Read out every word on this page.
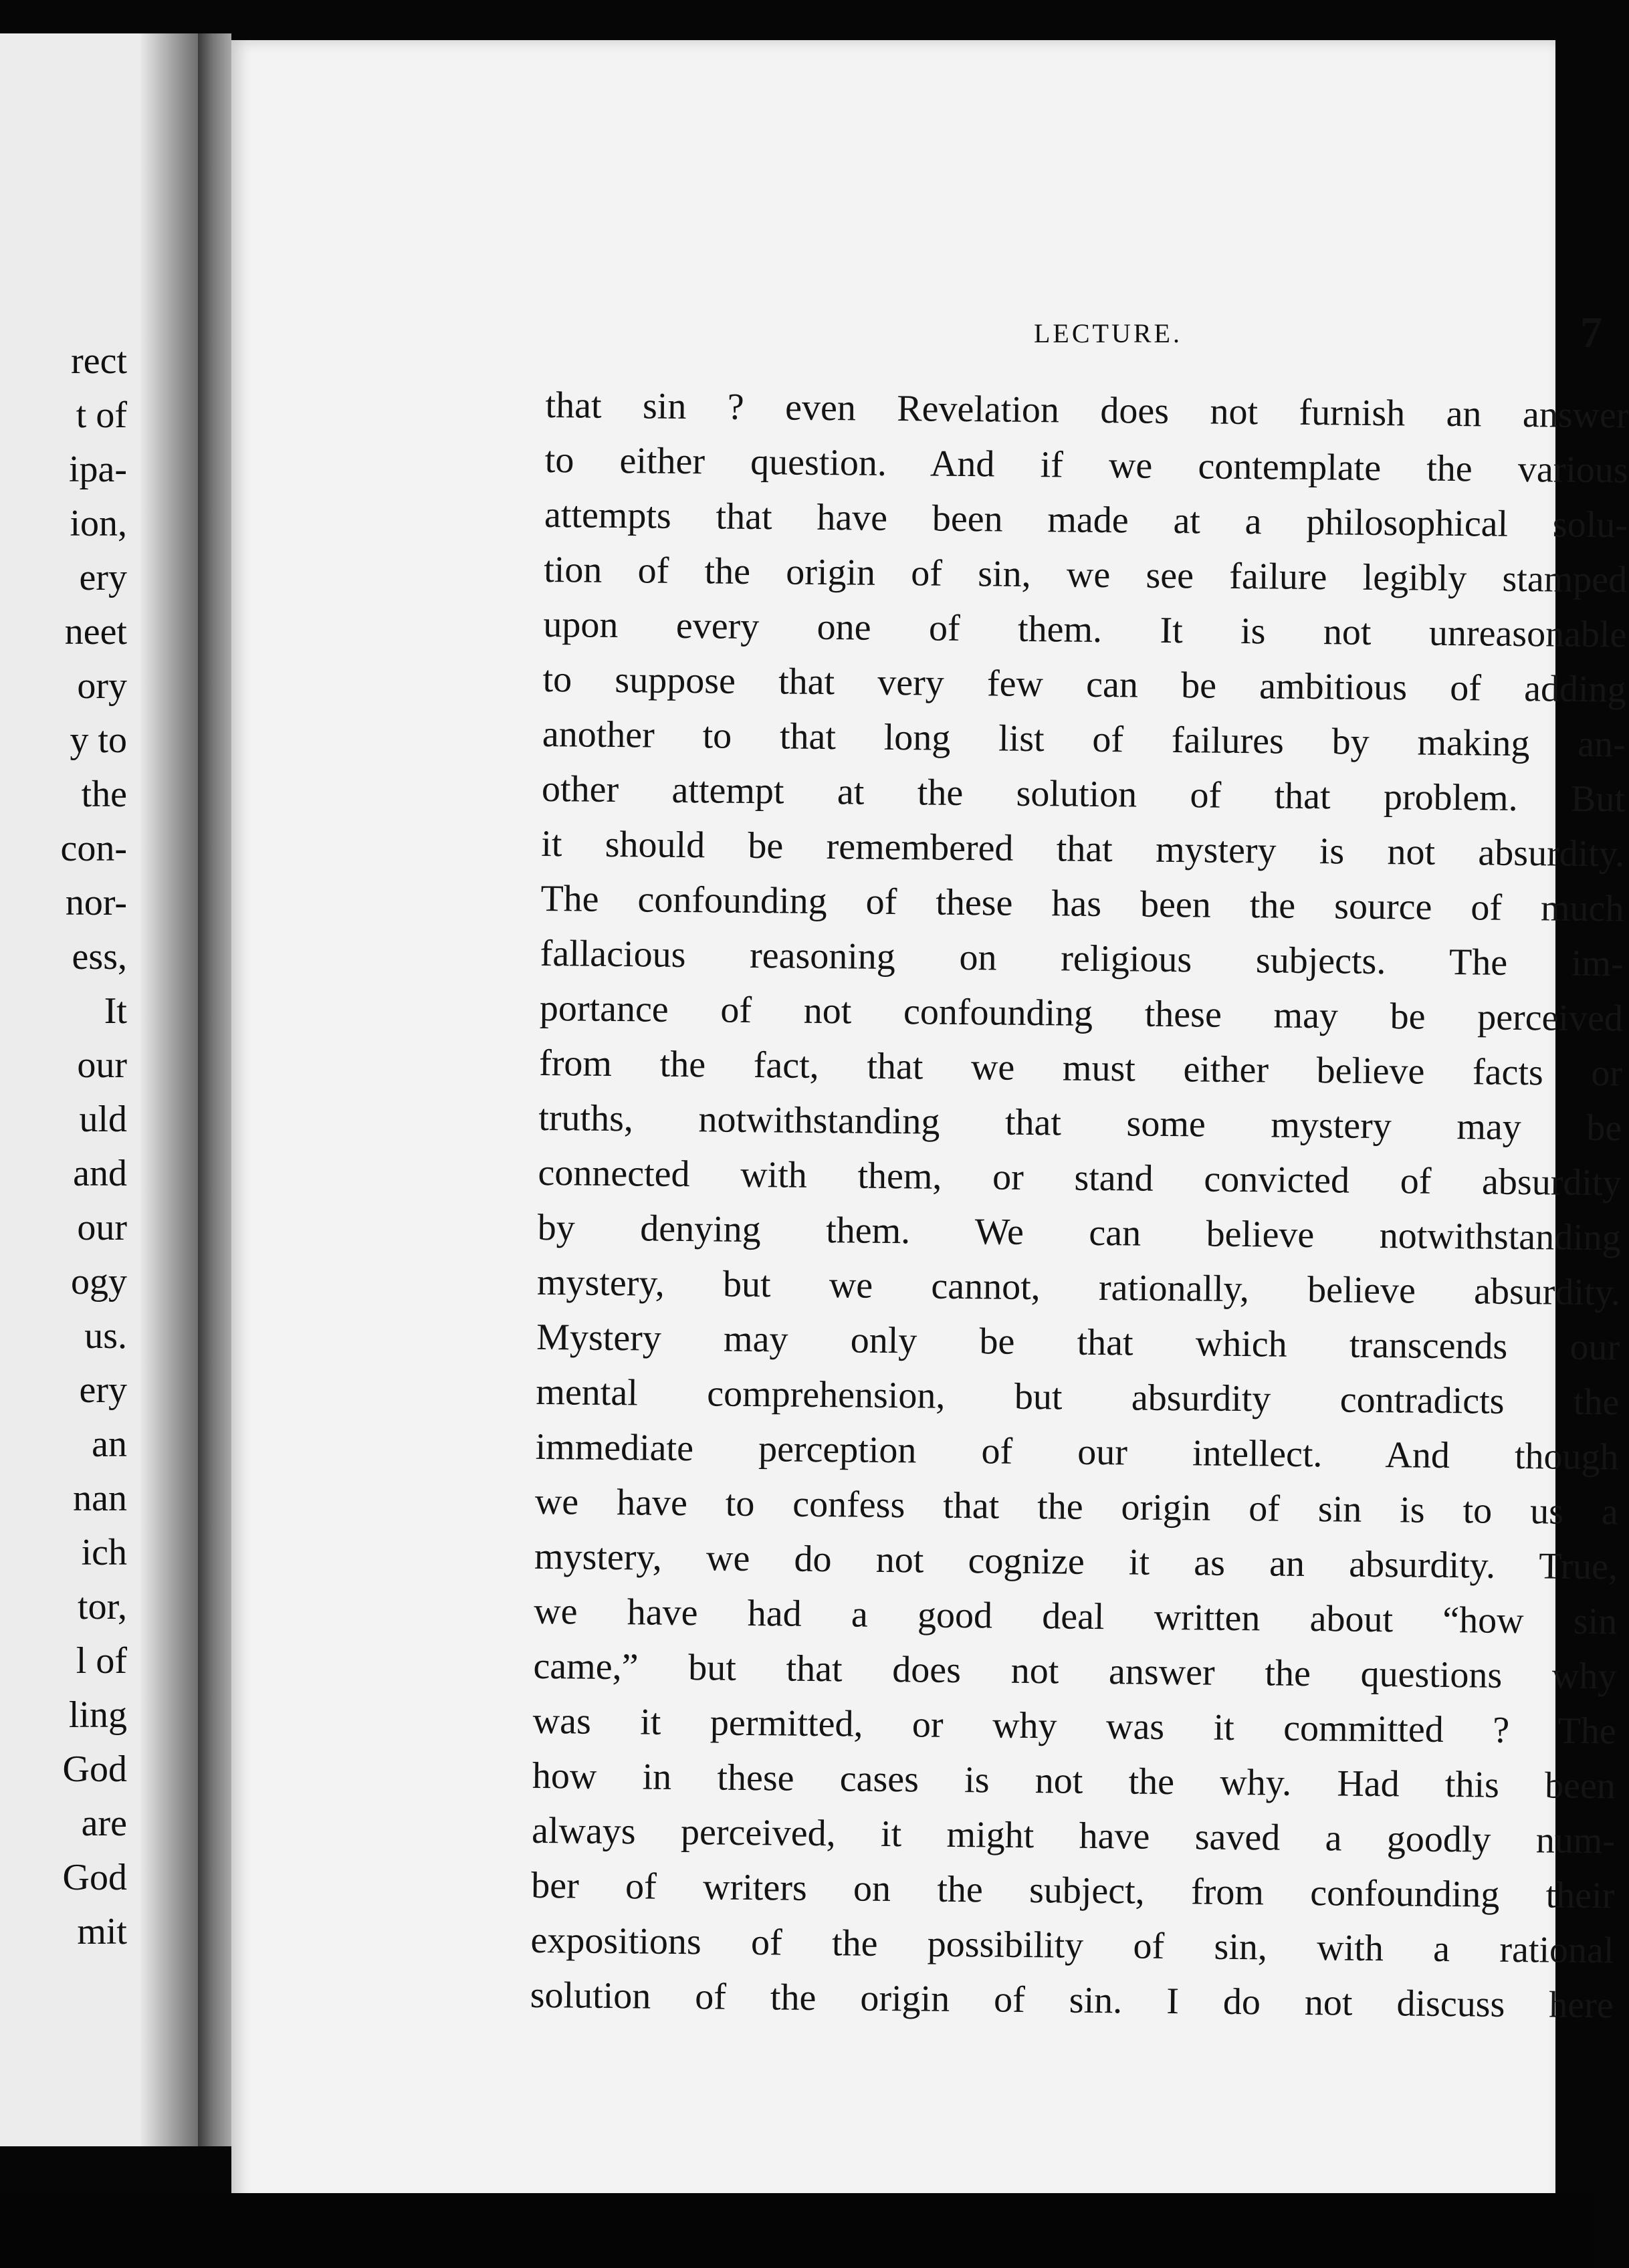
rect
t of
ipa-
ion,
ery
neet
ory
y to
the
con-
nor-
ess,
It
our
uld
and
our
ogy
us.
ery
an
nan
ich
tor,
l of
ling
God
are
God
mit
LECTURE.	7
that sin ? even Revelation does not furnish an answer
to either question. And if we contemplate the various
attempts that have been made at a philosophical solu-
tion of the origin of sin, we see failure legibly stamped
upon every one of them. It is not unreasonable
to suppose that very few can be ambitious of adding
another to that long list of failures by making an-
other attempt at the solution of that problem. But
it should be remembered that mystery is not absurdity.
The confounding of these has been the source of much
fallacious reasoning on religious subjects. The im-
portance of not confounding these may be perceived
from the fact, that we must either believe facts or
truths, notwithstanding that some mystery may be
connected with them, or stand convicted of absurdity
by denying them. We can believe notwithstanding
mystery, but we cannot, rationally, believe absurdity.
Mystery may only be that which transcends our
mental comprehension, but absurdity contradicts the
immediate perception of our intellect. And though
we have to confess that the origin of sin is to us a
mystery, we do not cognize it as an absurdity. True,
we have had a good deal written about “how sin
came,” but that does not answer the questions why
was it permitted, or why was it committed ? The
how in these cases is not the why. Had this been
always perceived, it might have saved a goodly num-
ber of writers on the subject, from confounding their
expositions of the possibility of sin, with a rational
solution of the origin of sin. I do not discuss here
